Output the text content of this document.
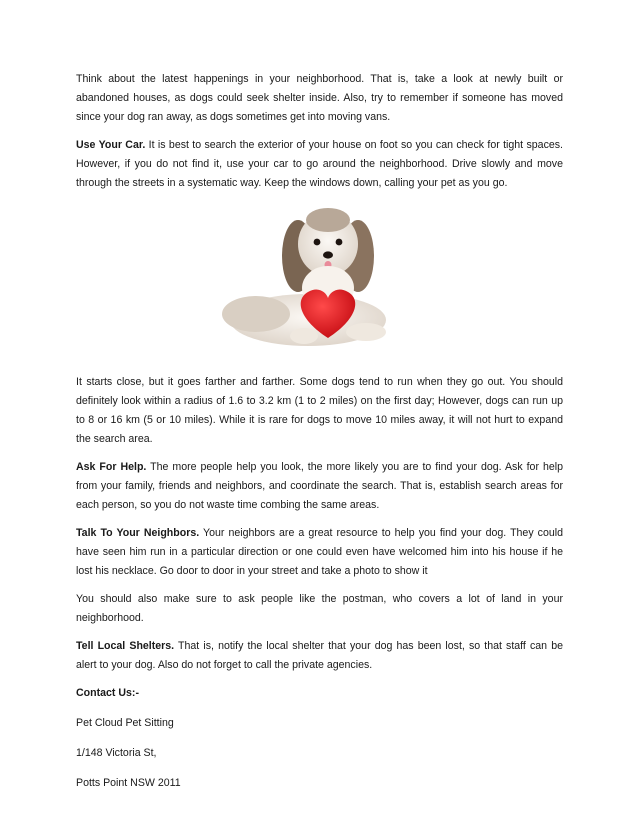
Think about the latest happenings in your neighborhood. That is, take a look at newly built or abandoned houses, as dogs could seek shelter inside. Also, try to remember if someone has moved since your dog ran away, as dogs sometimes get into moving vans.

Use Your Car. It is best to search the exterior of your house on foot so you can check for tight spaces. However, if you do not find it, use your car to go around the neighborhood. Drive slowly and move through the streets in a systematic way. Keep the windows down, calling your pet as you go.

It starts close, but it goes farther and farther. Some dogs tend to run when they go out. You should definitely look within a radius of 1.6 to 3.2 km (1 to 2 miles) on the first day; However, dogs can run up to 8 or 16 km (5 or 10 miles). While it is rare for dogs to move 10 miles away, it will not hurt to expand the search area.

Ask For Help. The more people help you look, the more likely you are to find your dog. Ask for help from your family, friends and neighbors, and coordinate the search. That is, establish search areas for each person, so you do not waste time combing the same areas.

Talk To Your Neighbors. Your neighbors are a great resource to help you find your dog. They could have seen him run in a particular direction or one could even have welcomed him into his house if he lost his necklace. Go door to door in your street and take a photo to show it

You should also make sure to ask people like the postman, who covers a lot of land in your neighborhood.

Tell Local Shelters. That is, notify the local shelter that your dog has been lost, so that staff can be alert to your dog. Also do not forget to call the private agencies.

Contact Us:-
Pet Cloud Pet Sitting
1/148 Victoria St,
Potts Point NSW 2011
